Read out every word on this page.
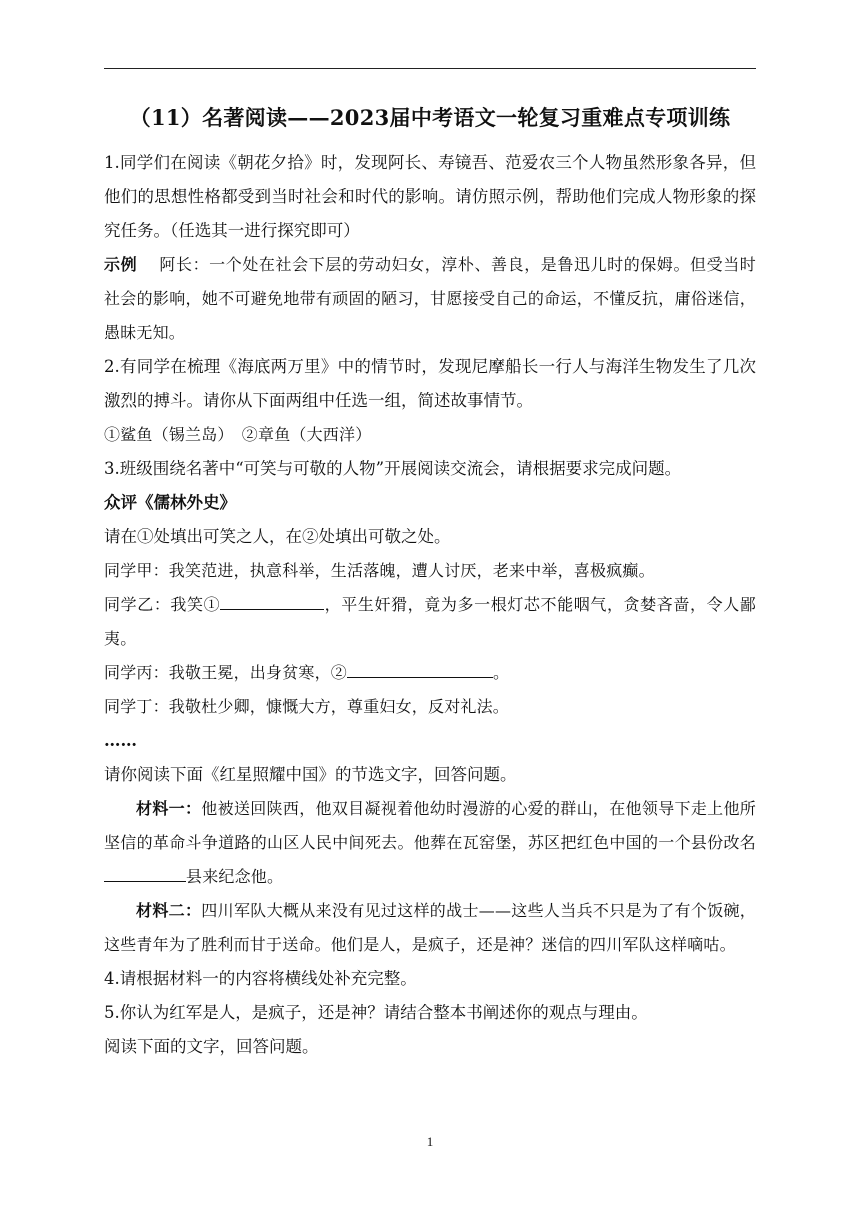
（11）名著阅读——2023届中考语文一轮复习重难点专项训练

1.同学们在阅读《朝花夕拾》时，发现阿长、寿镜吾、范爱农三个人物虽然形象各异，但他们的思想性格都受到当时社会和时代的影响。请仿照示例，帮助他们完成人物形象的探究任务。（任选其一进行探究即可）

示例　 阿长：一个处在社会下层的劳动妇女，淳朴、善良，是鲁迅儿时的保姆。但受当时社会的影响，她不可避免地带有顽固的陋习，甘愿接受自己的命运，不懂反抗，庸俗迷信，愚昧无知。

2.有同学在梳理《海底两万里》中的情节时，发现尼摩船长一行人与海洋生物发生了几次激烈的搏斗。请你从下面两组中任选一组，简述故事情节。

①鲨鱼（锡兰岛）　②章鱼（大西洋）

3.班级围绕名著中“可笑与可敬的人物”开展阅读交流会，请根据要求完成问题。

众评《儒林外史》

请在①处填出可笑之人，在②处填出可敬之处。

同学甲：我笑范进，执意科举，生活落魄，遭人讨厌，老来中举，喜极疯癫。

同学乙：我笑①	，平生奸猾，竟为多一根灯芯不能咽气，贪婪吝啬，令人鄙夷。

同学丙：我敬王冕，出身贫寒，②	。

同学丁：我敬杜少卿，慷慨大方，尊重妇女，反对礼法。

……

请你阅读下面《红星照耀中国》的节选文字，回答问题。

材料一：他被送回陕西，他双目凝视着他幼时漫游的心爱的群山，在他领导下走上他所坚信的革命斗争道路的山区人民中间死去。他葬在瓦窑堡，苏区把红色中国的一个县份改名县来纪念他。

材料二：四川军队大概从来没有见过这样的战士——这些人当兵不只是为了有个饭碗，这些青年为了胜利而甘于送命。他们是人，是疯子，还是神？迷信的四川军队这样嘀咕。

4.请根据材料一的内容将横线处补充完整。

5.你认为红军是人，是疯子，还是神？请结合整本书阐述你的观点与理由。

阅读下面的文字，回答问题。

1
